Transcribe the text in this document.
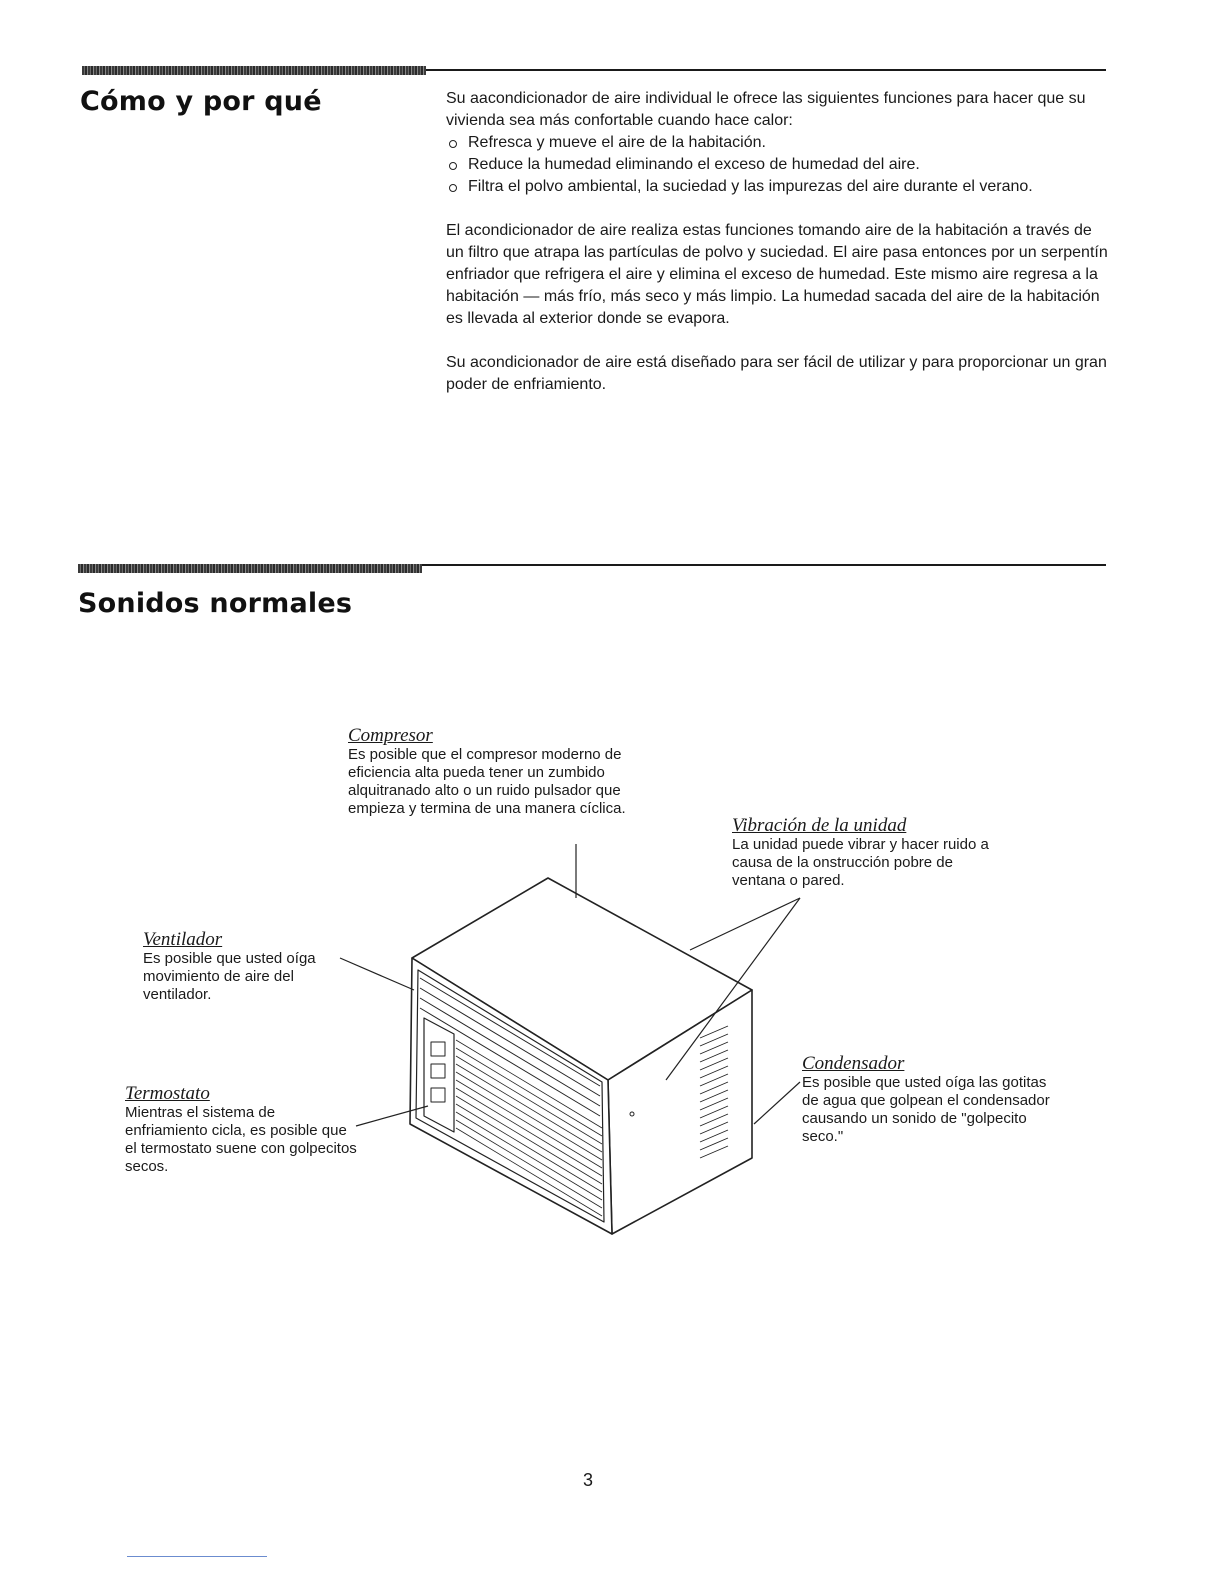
Cómo y por qué	Su aacondicionador de aire individual le ofrece las siguientes funciones para hacer que su vivienda sea más confortable cuando hace calor:

Refresca y mueve el aire de la habitación.
Reduce la humedad eliminando el exceso de humedad del aire.
Filtra el polvo ambiental, la suciedad y las impurezas del aire durante el verano.

El acondicionador de aire realiza estas funciones tomando aire de la habitación a través de un filtro que atrapa las partículas de polvo y suciedad. El aire pasa entonces por un serpentín enfriador que refrigera el aire y elimina el exceso de humedad. Este mismo aire regresa a la habitación — más frío, más seco y más limpio. La humedad sacada del aire de la habitación es llevada al exterior donde se evapora.

Su acondicionador de aire está diseñado para ser fácil de utilizar y para proporcionar un gran poder de enfriamiento.

Sonidos normales
Compresor
Es posible que el compresor moderno de eficiencia alta pueda tener un zumbido alquitranado alto o un ruido pulsador que empieza y termina de una manera cíclica.
Vibración de la unidad
La unidad puede vibrar y hacer ruido a causa de la onstrucción pobre de ventana o pared.
Ventilador
Es posible que usted oíga movimiento de aire del ventilador.
Termostato
Mientras el sistema de enfriamiento cicla, es posible que el termostato suene con golpecitos secos.
Condensador
Es posible que usted oíga las gotitas de agua que golpean el condensador causando un sonido de "golpecito seco."
3
